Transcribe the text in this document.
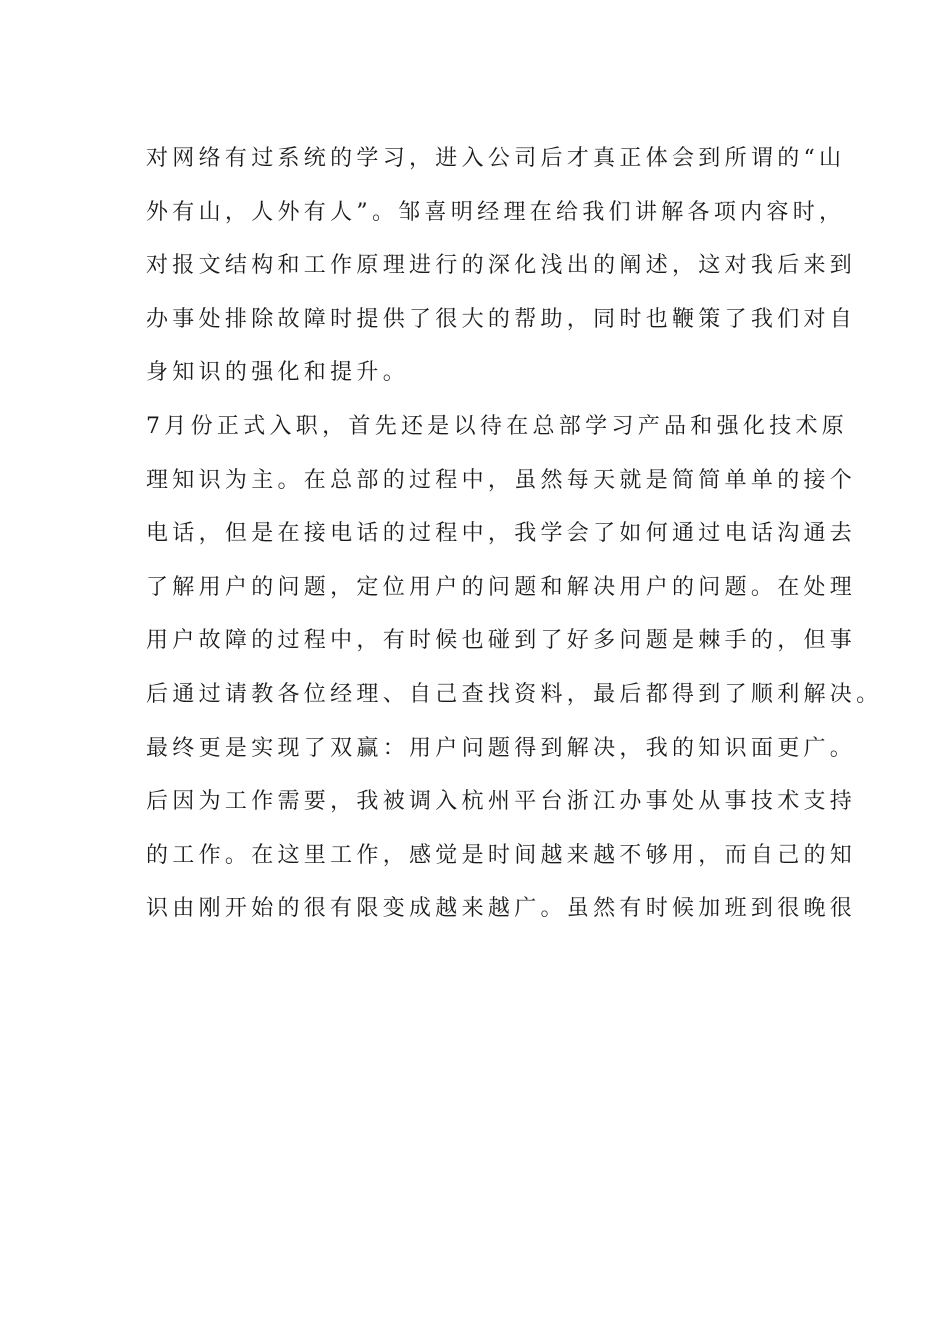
对网络有过系统的学习，进入公司后才真正体会到所谓的“山
外有山，人外有人”。邹喜明经理在给我们讲解各项内容时，
对报文结构和工作原理进行的深化浅出的阐述，这对我后来到
办事处排除故障时提供了很大的帮助，同时也鞭策了我们对自
身知识的强化和提升。
7月份正式入职，首先还是以待在总部学习产品和强化技术原
理知识为主。在总部的过程中，虽然每天就是简简单单的接个
电话，但是在接电话的过程中，我学会了如何通过电话沟通去
了解用户的问题，定位用户的问题和解决用户的问题。在处理
用户故障的过程中，有时候也碰到了好多问题是棘手的，但事
后通过请教各位经理、自己查找资料，最后都得到了顺利解决。
最终更是实现了双赢：用户问题得到解决，我的知识面更广。
后因为工作需要，我被调入杭州平台浙江办事处从事技术支持
的工作。在这里工作，感觉是时间越来越不够用，而自己的知
识由刚开始的很有限变成越来越广。虽然有时候加班到很晚很
